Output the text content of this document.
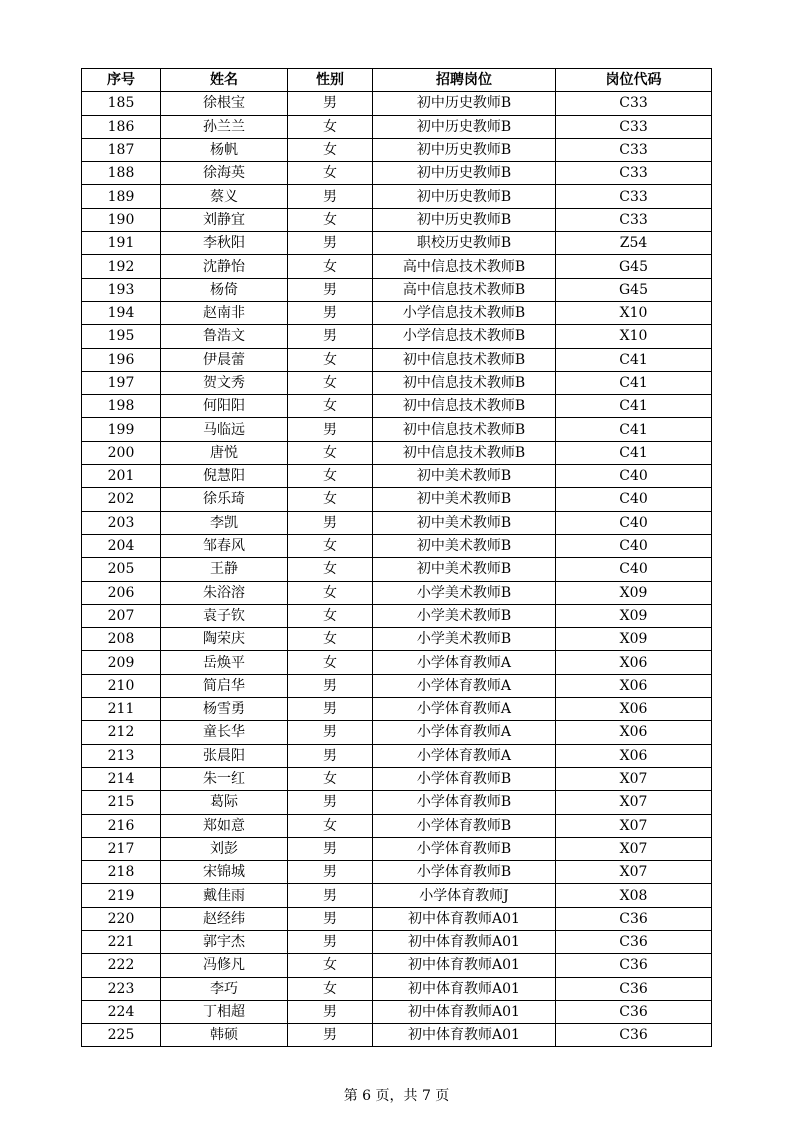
序号	姓名	性别	招聘岗位	岗位代码
185	徐根宝	男	初中历史教师B	C33
186	孙兰兰	女	初中历史教师B	C33
187	杨帆	女	初中历史教师B	C33
188	徐海英	女	初中历史教师B	C33
189	蔡义	男	初中历史教师B	C33
190	刘静宜	女	初中历史教师B	C33
191	李秋阳	男	职校历史教师B	Z54
192	沈静怡	女	高中信息技术教师B	G45
193	杨倚	男	高中信息技术教师B	G45
194	赵南非	男	小学信息技术教师B	X10
195	鲁浩文	男	小学信息技术教师B	X10
196	伊晨蕾	女	初中信息技术教师B	C41
197	贺文秀	女	初中信息技术教师B	C41
198	何阳阳	女	初中信息技术教师B	C41
199	马临远	男	初中信息技术教师B	C41
200	唐悦	女	初中信息技术教师B	C41
201	倪慧阳	女	初中美术教师B	C40
202	徐乐琦	女	初中美术教师B	C40
203	李凯	男	初中美术教师B	C40
204	邹春风	女	初中美术教师B	C40
205	王静	女	初中美术教师B	C40
206	朱浴溶	女	小学美术教师B	X09
207	袁子钦	女	小学美术教师B	X09
208	陶荣庆	女	小学美术教师B	X09
209	岳焕平	女	小学体育教师A	X06
210	简启华	男	小学体育教师A	X06
211	杨雪勇	男	小学体育教师A	X06
212	童长华	男	小学体育教师A	X06
213	张晨阳	男	小学体育教师A	X06
214	朱一红	女	小学体育教师B	X07
215	葛际	男	小学体育教师B	X07
216	郑如意	女	小学体育教师B	X07
217	刘彭	男	小学体育教师B	X07
218	宋锦城	男	小学体育教师B	X07
219	戴佳雨	男	小学体育教师J	X08
220	赵经纬	男	初中体育教师A01	C36
221	郭宇杰	男	初中体育教师A01	C36
222	冯修凡	女	初中体育教师A01	C36
223	李巧	女	初中体育教师A01	C36
224	丁相超	男	初中体育教师A01	C36
225	韩硕	男	初中体育教师A01	C36
第 6 页，共 7 页
